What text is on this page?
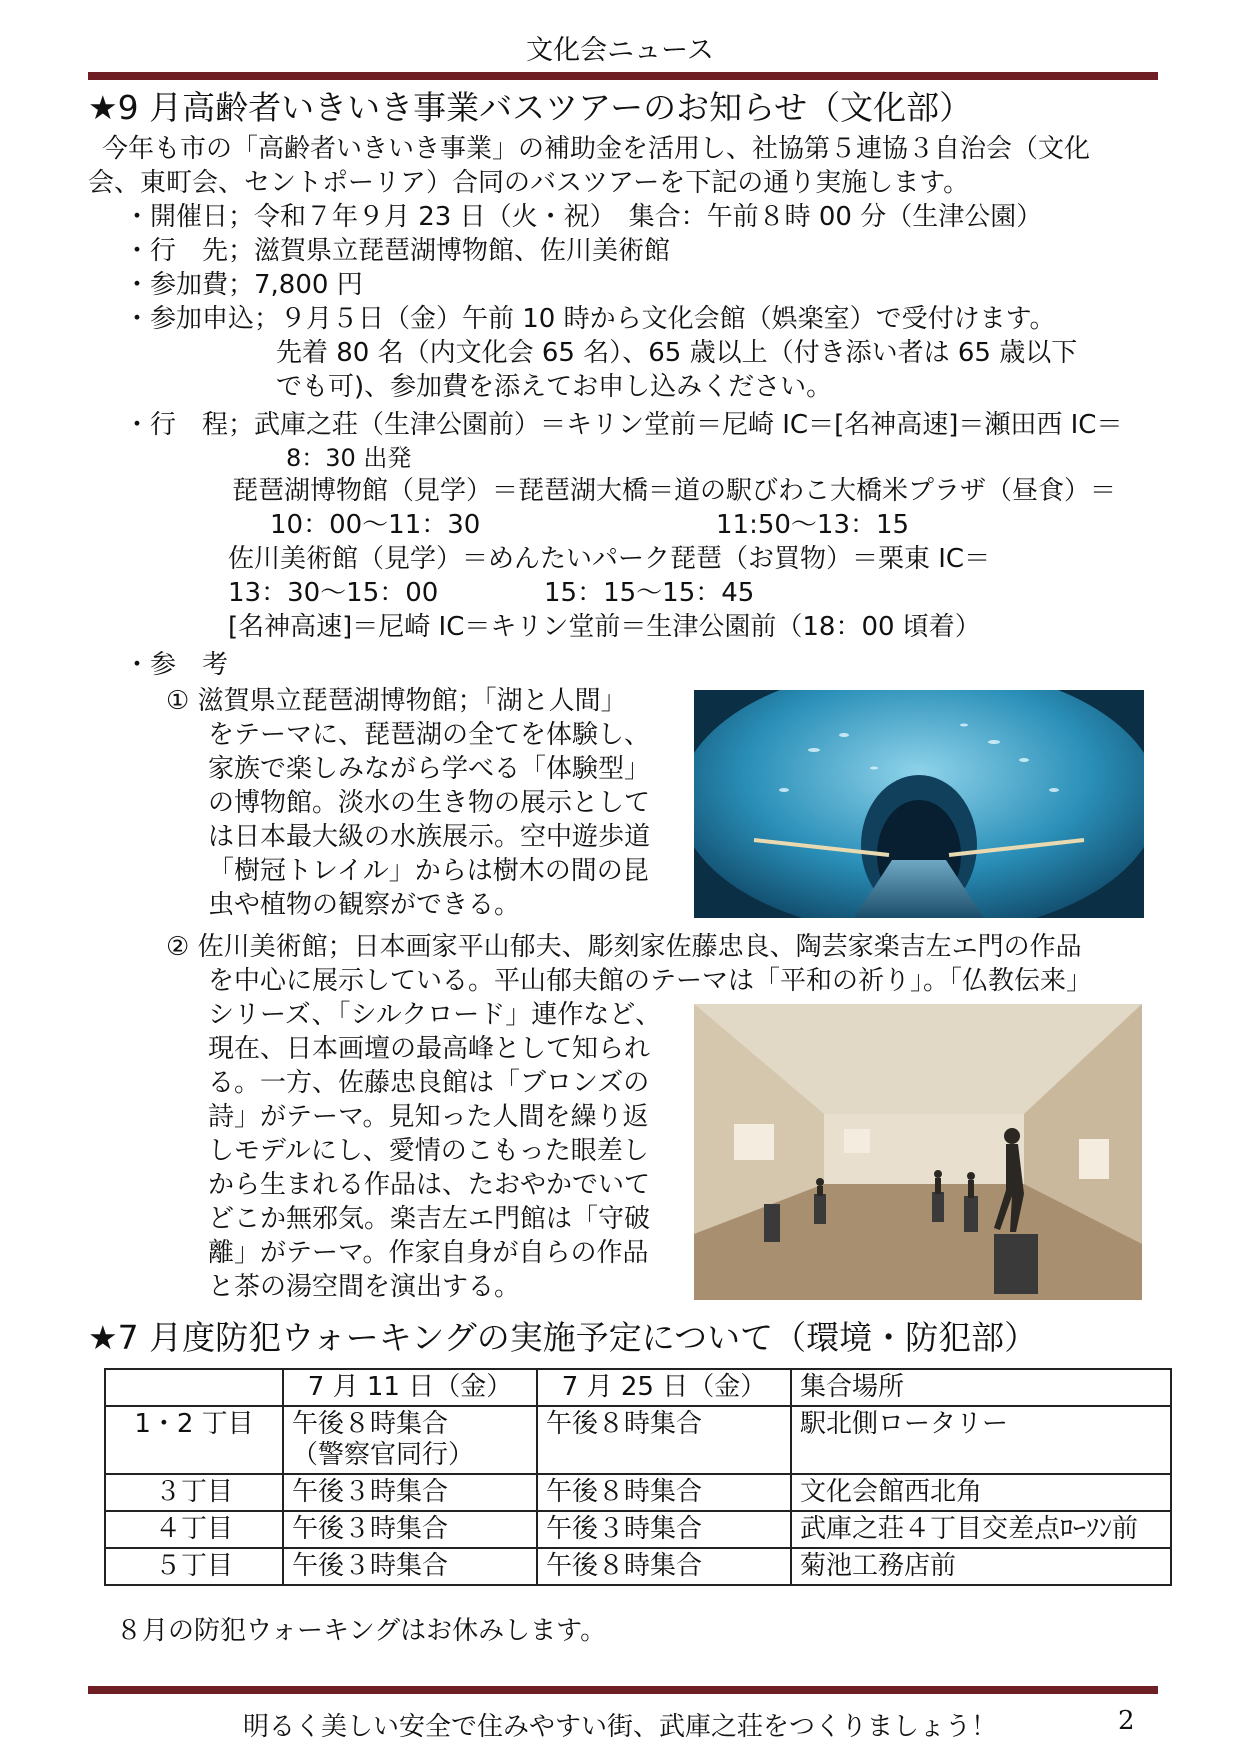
文化会ニュース
★9 月高齢者いきいき事業バスツアーのお知らせ（文化部）
今年も市の「高齢者いきいき事業」の補助金を活用し、社協第５連協３自治会（文化
会、東町会、セントポーリア）合同のバスツアーを下記の通り実施します。
・開催日；令和７年９月 23 日（火・祝）　集合：午前８時 00 分（生津公園）
・行　先；滋賀県立琵琶湖博物館、佐川美術館
・参加費；7,800 円
・参加申込；９月５日（金）午前 10 時から文化会館（娯楽室）で受付けます。
先着 80 名（内文化会 65 名）、65 歳以上（付き添い者は 65 歳以下
でも可)、参加費を添えてお申し込みください。
・行　程；武庫之荘（生津公園前）＝キリン堂前＝尼崎 IC＝[名神高速]＝瀬田西 IC＝
8：30 出発
琵琶湖博物館（見学）＝琵琶湖大橋＝道の駅びわこ大橋米プラザ（昼食）＝
10：00〜11：30	11:50〜13：15
佐川美術館（見学）＝めんたいパーク琵琶（お買物）＝栗東 IC＝
13：30〜15：00	15：15〜15：45
[名神高速]＝尼崎 IC＝キリン堂前＝生津公園前（18：00 頃着）
・参　考
① 滋賀県立琵琶湖博物館；「湖と人間」
をテーマに、琵琶湖の全てを体験し、
家族で楽しみながら学べる「体験型」
の博物館。淡水の生き物の展示として
は日本最大級の水族展示。空中遊歩道
「樹冠トレイル」からは樹木の間の昆
虫や植物の観察ができる。
② 佐川美術館；日本画家平山郁夫、彫刻家佐藤忠良、陶芸家楽吉左エ門の作品
を中心に展示している。平山郁夫館のテーマは「平和の祈り」。「仏教伝来」
シリーズ、「シルクロード」連作など、
現在、日本画壇の最高峰として知られ
る。一方、佐藤忠良館は「ブロンズの
詩」がテーマ。見知った人間を繰り返
しモデルにし、愛情のこもった眼差し
から生まれる作品は、たおやかでいて
どこか無邪気。楽吉左エ門館は「守破
離」がテーマ。作家自身が自らの作品
と茶の湯空間を演出する。
★7 月度防犯ウォーキングの実施予定について（環境・防犯部）
	7 月 11 日（金）	7 月 25 日（金）	集合場所
1・2 丁目	午後８時集合
（警察官同行）	午後８時集合	駅北側ロータリー
３丁目	午後３時集合	午後８時集合	文化会館西北角
４丁目	午後３時集合	午後３時集合	武庫之荘４丁目交差点ﾛｰｿﾝ前
５丁目	午後３時集合	午後８時集合	菊池工務店前
８月の防犯ウォーキングはお休みします。
明るく美しい安全で住みやすい街、武庫之荘をつくりましょう！	2
